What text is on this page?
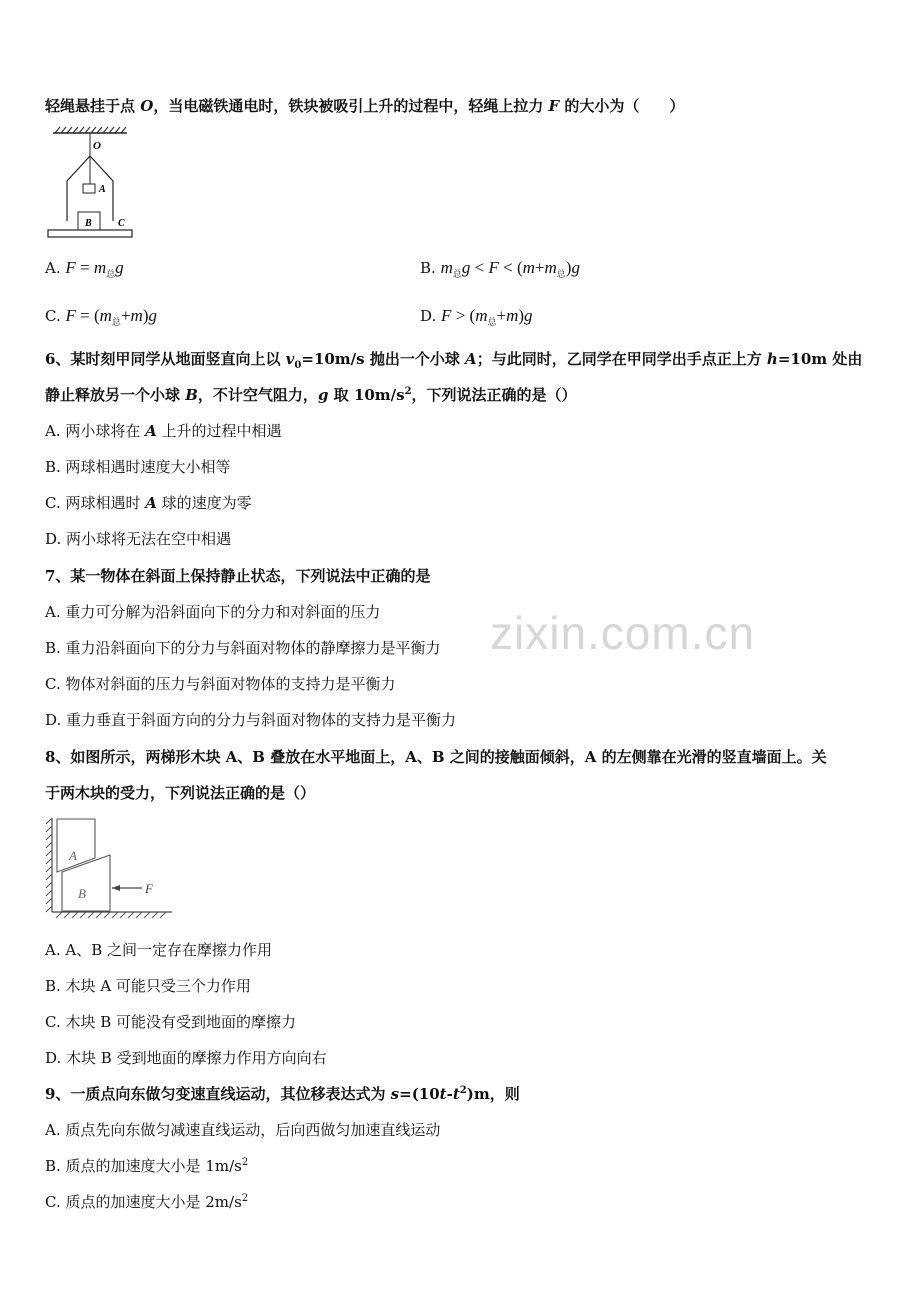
zixin.com.cn
轻绳悬挂于点 O，当电磁铁通电时，铁块被吸引上升的过程中，轻绳上拉力 F 的大小为（　　）
O
A
B	C
A. $F = m_总g$	B. $m_总g < F < (m+m_总)g$
C. $F = (m_总+m)g$	D. $F > (m_总+m)g$
6、某时刻甲同学从地面竖直向上以 $v_0=10m/s$ 抛出一个小球 A；与此同时，乙同学在甲同学出手点正上方 h=10m 处由
静止释放另一个小球 B，不计空气阻力，g 取 $10m/s^2$，下列说法正确的是（）
A. 两小球将在 A 上升的过程中相遇
B. 两球相遇时速度大小相等
C. 两球相遇时 A 球的速度为零
D. 两小球将无法在空中相遇
7、某一物体在斜面上保持静止状态，下列说法中正确的是
A. 重力可分解为沿斜面向下的分力和对斜面的压力
B. 重力沿斜面向下的分力与斜面对物体的静摩擦力是平衡力
C. 物体对斜面的压力与斜面对物体的支持力是平衡力
D. 重力垂直于斜面方向的分力与斜面对物体的支持力是平衡力
8、如图所示，两梯形木块 A、B 叠放在水平地面上，A、B 之间的接触面倾斜，A 的左侧靠在光滑的竖直墙面上。关
于两木块的受力，下列说法正确的是（）
A
B	F
A. A、B 之间一定存在摩擦力作用
B. 木块 A 可能只受三个力作用
C. 木块 B 可能没有受到地面的摩擦力
D. 木块 B 受到地面的摩擦力作用方向向右
9、一质点向东做匀变速直线运动，其位移表达式为 $s=(10t-t^2)m$，则
A. 质点先向东做匀减速直线运动，后向西做匀加速直线运动
B. 质点的加速度大小是 $1m/s^2$
C. 质点的加速度大小是 $2m/s^2$
